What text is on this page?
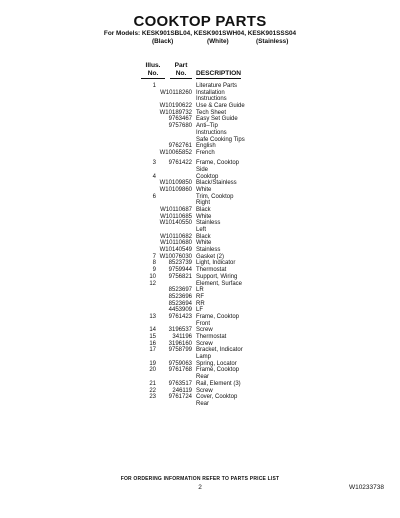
COOKTOP PARTS
For Models: KESK901SBL04, KESK901SWH04, KESK901SSS04
(Black)	(White)	(Stainless)
Illus.
No.
Part
No.	DESCRIPTION
1	Literature Parts
W10118260 Installation
Instructions
W10190622 Use & Care Guide
W10189732 Tech Sheet
9763467 Easy Set Guide
9757680 Anti–Tip
Instructions
Safe Cooking Tips
9762761 English
W10065852 French
3 9761422 Frame, Cooktop
Side
4	Cooktop
W10109850 Black/Stainless
W10109860 White
6	Trim, Cooktop
Right
W10110687 Black
W10110685 White
W10140550 Stainless
Left
W10110682 Black
W10110680 White
W10140549 Stainless
7 W10076030 Gasket (2)
8 8523739 Light, Indicator
9 9759944 Thermostat
10 9756821 Support, Wiring
12	Element, Surface
8523697 LR
8523696 RF
8523694 RR
4453909 LF
13 9761423 Frame, Cooktop
Front
14 3196537 Screw
15	341196 Thermostat
16 3196160 Screw
17 9758799 Bracket, Indicator
Lamp
19 9759063 Spring, Locator
20 9761768 Frame, Cooktop
Rear
21 9763517 Rail, Element (3)
22	246119 Screw
23 9761724 Cover, Cooktop
Rear
FOR ORDERING INFORMATION REFER TO PARTS PRICE LIST
2	W10233738
